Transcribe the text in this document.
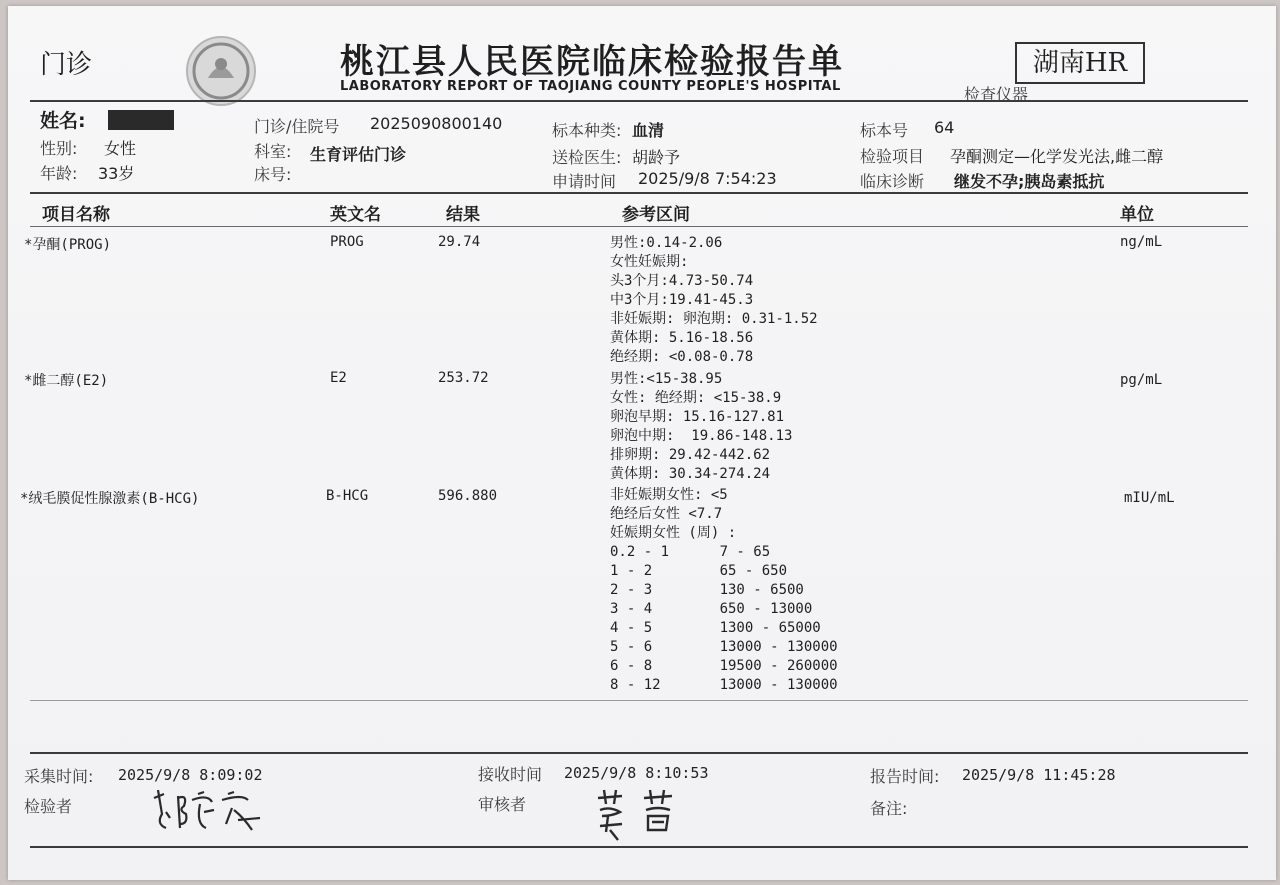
门诊	桃江县人民医院临床检验报告单
LABORATORY REPORT OF TAOJIANG COUNTY PEOPLE'S HOSPITAL
湖南HR
检查仪器
姓名:
性别: 女性
年龄: 33岁
门诊/住院号 2025090800140
科室: 生育评估门诊
床号:
标本种类: 血清
送检医生: 胡龄予
申请时间 2025/9/8 7:54:23
标本号 64
检验项目 孕酮测定—化学发光法,雌二醇
临床诊断 继发不孕;胰岛素抵抗
项目名称	英文名	结果	参考区间	单位
*孕酮(PROG)	PROG	29.74	男性:0.14-2.06
女性妊娠期:
头3个月:4.73-50.74
中3个月:19.41-45.3
非妊娠期: 卵泡期: 0.31-1.52
黄体期: 5.16-18.56
绝经期: <0.08-0.78
ng/mL
*雌二醇(E2)	E2	253.72	男性:<15-38.95
女性: 绝经期: <15-38.9
卵泡早期: 15.16-127.81
卵泡中期:  19.86-148.13
排卵期: 29.42-442.62
黄体期: 30.34-274.24
pg/mL
*绒毛膜促性腺激素(B-HCG)	B-HCG	596.880	非妊娠期女性: <5
绝经后女性 <7.7
妊娠期女性 (周) :
0.2 - 1      7 - 65
1 - 2        65 - 650
2 - 3        130 - 6500
3 - 4        650 - 13000
4 - 5        1300 - 65000
5 - 6        13000 - 130000
6 - 8        19500 - 260000
8 - 12       13000 - 130000
mIU/mL
采集时间: 2025/9/8 8:09:02	接收时间 2025/9/8 8:10:53	报告时间: 2025/9/8 11:45:28
检验者	审核者	备注:
